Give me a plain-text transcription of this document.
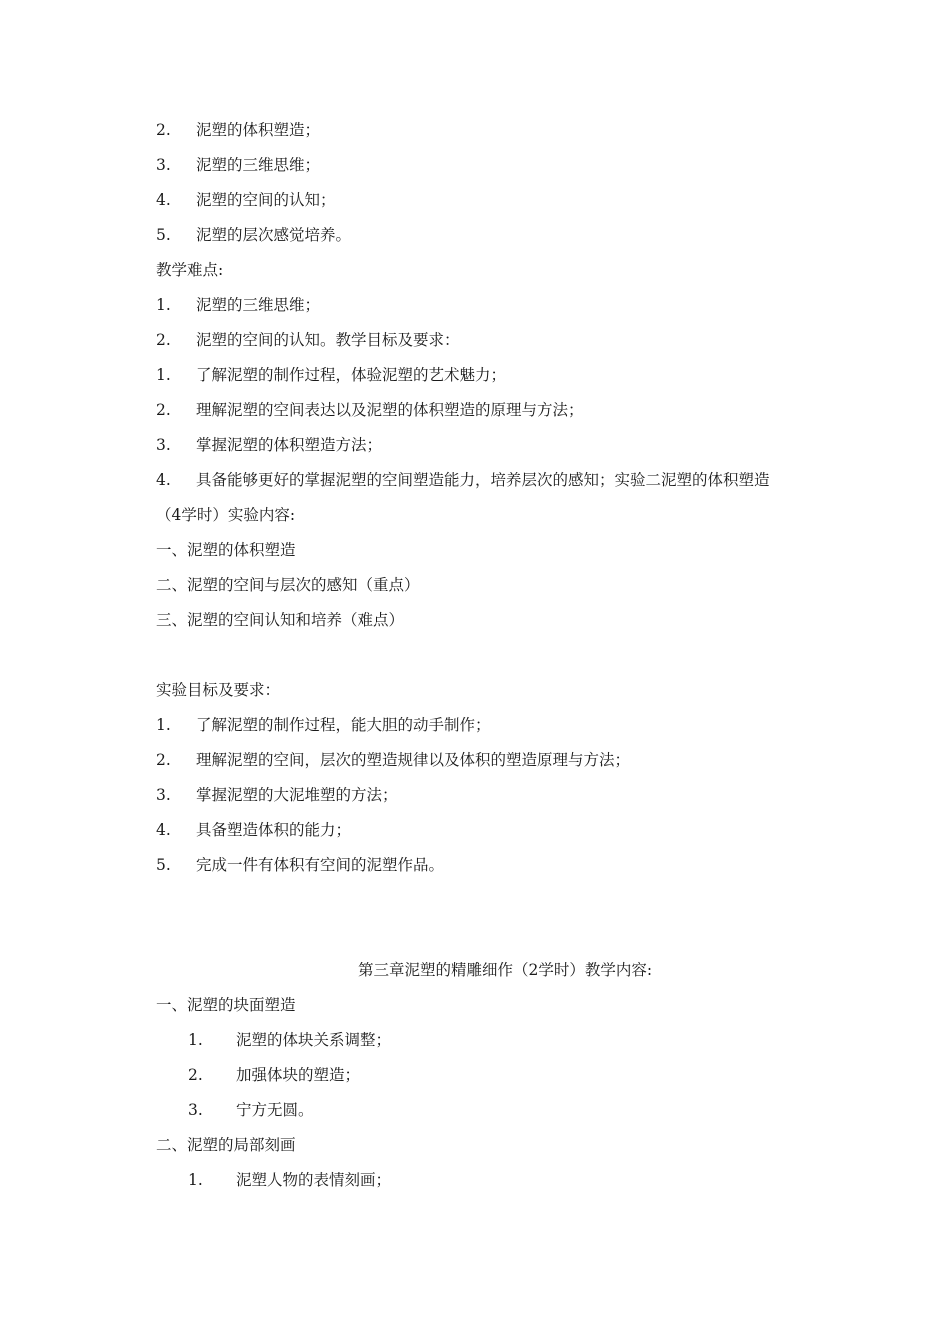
2. 泥塑的体积塑造；
3. 泥塑的三维思维；
4. 泥塑的空间的认知；
5. 泥塑的层次感觉培养。
教学难点:
1. 泥塑的三维思维；
2. 泥塑的空间的认知。教学目标及要求：
1. 了解泥塑的制作过程，体验泥塑的艺术魅力；
2. 理解泥塑的空间表达以及泥塑的体积塑造的原理与方法；
3. 掌握泥塑的体积塑造方法；
4. 具备能够更好的掌握泥塑的空间塑造能力，培养层次的感知；实验二泥塑的体积塑造
（4学时）实验内容:
一、泥塑的体积塑造
二、泥塑的空间与层次的感知（重点）
三、泥塑的空间认知和培养（难点）
实验目标及要求：
1. 了解泥塑的制作过程，能大胆的动手制作；
2. 理解泥塑的空间，层次的塑造规律以及体积的塑造原理与方法；
3. 掌握泥塑的大泥堆塑的方法；
4. 具备塑造体积的能力；
5. 完成一件有体积有空间的泥塑作品。
第三章泥塑的精雕细作（2学时）教学内容:
一、泥塑的块面塑造
1. 泥塑的体块关系调整；
2. 加强体块的塑造；
3. 宁方无圆。
二、泥塑的局部刻画
1. 泥塑人物的表情刻画；
